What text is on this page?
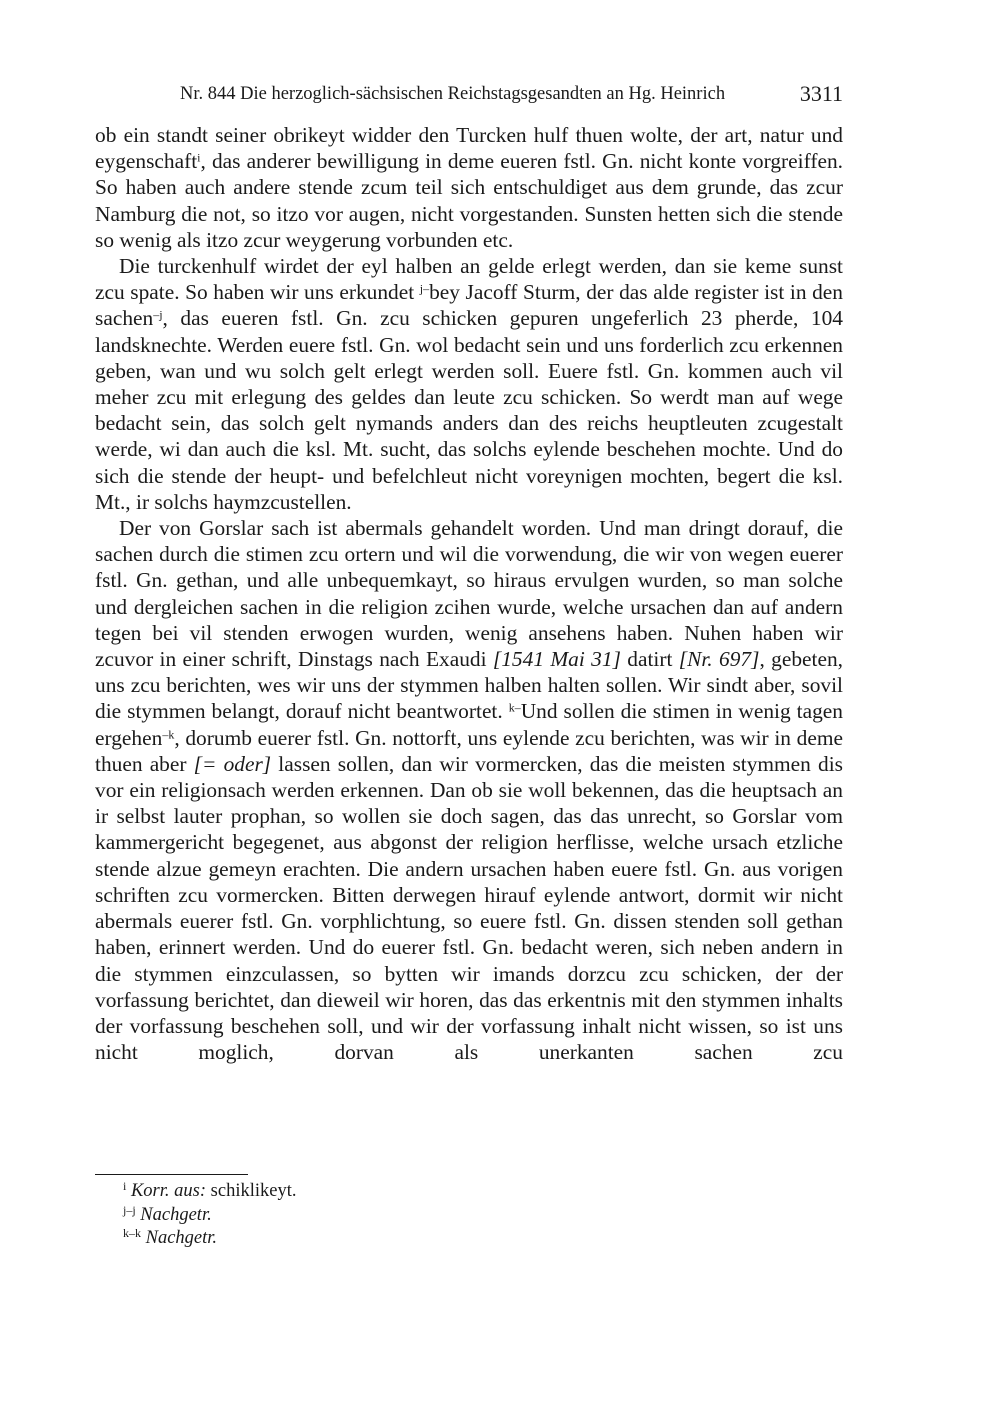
Nr. 844 Die herzoglich-sächsischen Reichstagsgesandten an Hg. Heinrich	3311

ob ein standt seiner obrikeyt widder den Turcken hulf thuen wolte, der art, natur und eygenschaft$^i$, das anderer bewilligung in deme eueren fstl. Gn. nicht konte vorgreiffen. So haben auch andere stende zcum teil sich entschuldiget aus dem grunde, das zcur Namburg die not, so itzo vor augen, nicht vorgestanden. Sunsten hetten sich die stende so wenig als itzo zcur weygerung vorbunden etc.

Die turckenhulf wirdet der eyl halben an gelde erlegt werden, dan sie keme sunst zcu spate. So haben wir uns erkundet $^{j-}$bey Jacoff Sturm, der das alde register ist in den sachen$^{-j}$, das eueren fstl. Gn. zcu schicken gepuren ungeferlich 23 pherde, 104 landsknechte. Werden euere fstl. Gn. wol bedacht sein und uns forderlich zcu erkennen geben, wan und wu solch gelt erlegt werden soll. Euere fstl. Gn. kommen auch vil meher zcu mit erlegung des geldes dan leute zcu schicken. So werdt man auf wege bedacht sein, das solch gelt nymands anders dan des reichs heuptleuten zcugestalt werde, wi dan auch die ksl. Mt. sucht, das solchs eylende beschehen mochte. Und do sich die stende der heupt- und befelchleut nicht voreynigen mochten, begert die ksl. Mt., ir solchs haymzcustellen.

Der von Gorslar sach ist abermals gehandelt worden. Und man dringt dorauf, die sachen durch die stimen zcu ortern und wil die vorwendung, die wir von wegen euerer fstl. Gn. gethan, und alle unbequemkayt, so hiraus ervulgen wurden, so man solche und dergleichen sachen in die religion zcihen wurde, welche ursachen dan auf andern tegen bei vil stenden erwogen wurden, wenig ansehens haben. Nuhen haben wir zcuvor in einer schrift, Dinstags nach Exaudi [1541 Mai 31] datirt [Nr. 697], gebeten, uns zcu berichten, wes wir uns der stymmen halben halten sollen. Wir sindt aber, sovil die stymmen belangt, dorauf nicht beantwortet. $^{k-}$Und sollen die stimen in wenig tagen ergehen$^{-k}$, dorumb euerer fstl. Gn. nottorft, uns eylende zcu berichten, was wir in deme thuen aber [= oder] lassen sollen, dan wir vormercken, das die meisten stymmen dis vor ein religionsach werden erkennen. Dan ob sie woll bekennen, das die heuptsach an ir selbst lauter prophan, so wollen sie doch sagen, das das unrecht, so Gorslar vom kammergericht begegenet, aus abgonst der religion herflisse, welche ursach etzliche stende alzue gemeyn erachten. Die andern ursachen haben euere fstl. Gn. aus vorigen schriften zcu vormercken. Bitten derwegen hirauf eylende antwort, dormit wir nicht abermals euerer fstl. Gn. vorphlichtung, so euere fstl. Gn. dissen stenden soll gethan haben, erinnert werden. Und do euerer fstl. Gn. bedacht weren, sich neben andern in die stymmen einzculassen, so bytten wir imands dorzcu zcu schicken, der der vorfassung berichtet, dan dieweil wir horen, das das erkentnis mit den stymmen inhalts der vorfassung beschehen soll, und wir der vorfassung inhalt nicht wissen, so ist uns nicht moglich, dorvan als unerkanten sachen zcu

$^i$ Korr. aus: schiklikeyt.
$^{j-j}$ Nachgetr.
$^{k-k}$ Nachgetr.
